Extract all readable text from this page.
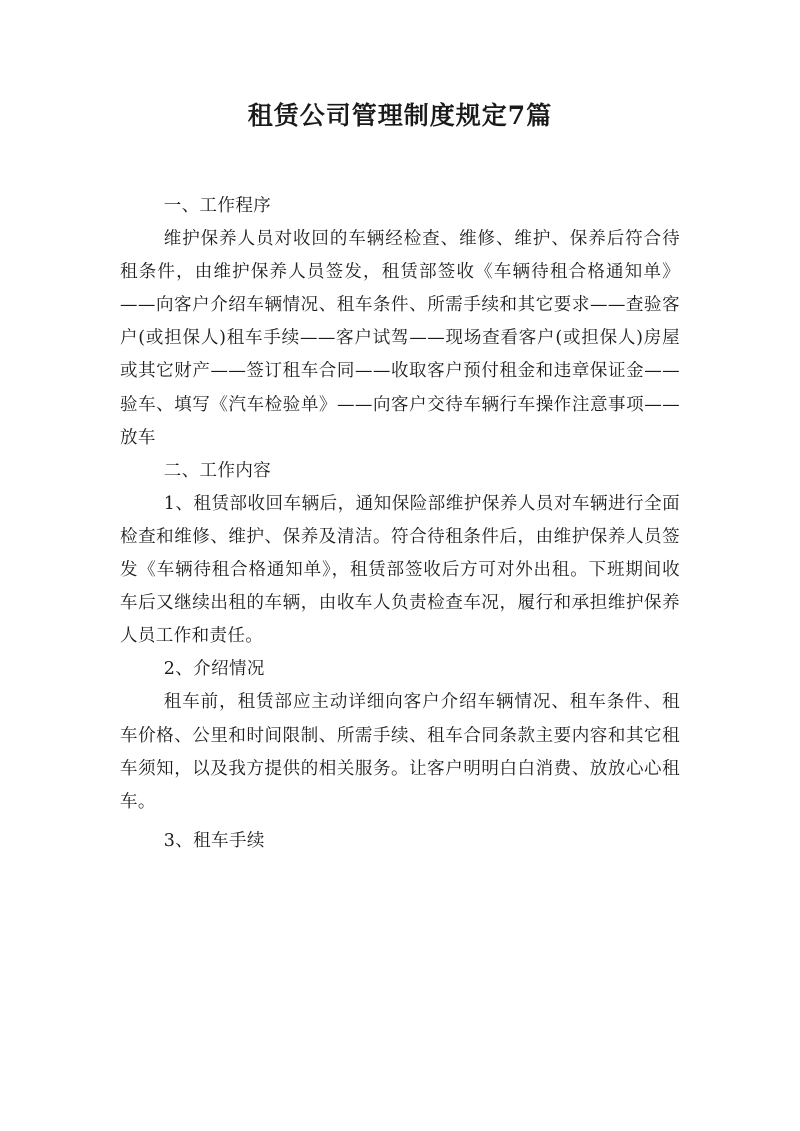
租赁公司管理制度规定7篇

一、工作程序

维护保养人员对收回的车辆经检查、维修、维护、保养后符合待租条件，由维护保养人员签发，租赁部签收《车辆待租合格通知单》——向客户介绍车辆情况、租车条件、所需手续和其它要求——查验客户(或担保人)租车手续——客户试驾——现场查看客户(或担保人)房屋或其它财产——签订租车合同——收取客户预付租金和违章保证金——验车、填写《汽车检验单》——向客户交待车辆行车操作注意事项——放车

二、工作内容

1、租赁部收回车辆后，通知保险部维护保养人员对车辆进行全面检查和维修、维护、保养及清洁。符合待租条件后，由维护保养人员签发《车辆待租合格通知单》，租赁部签收后方可对外出租。下班期间收车后又继续出租的车辆，由收车人负责检查车况，履行和承担维护保养人员工作和责任。

2、介绍情况

租车前，租赁部应主动详细向客户介绍车辆情况、租车条件、租车价格、公里和时间限制、所需手续、租车合同条款主要内容和其它租车须知，以及我方提供的相关服务。让客户明明白白消费、放放心心租车。

3、租车手续
